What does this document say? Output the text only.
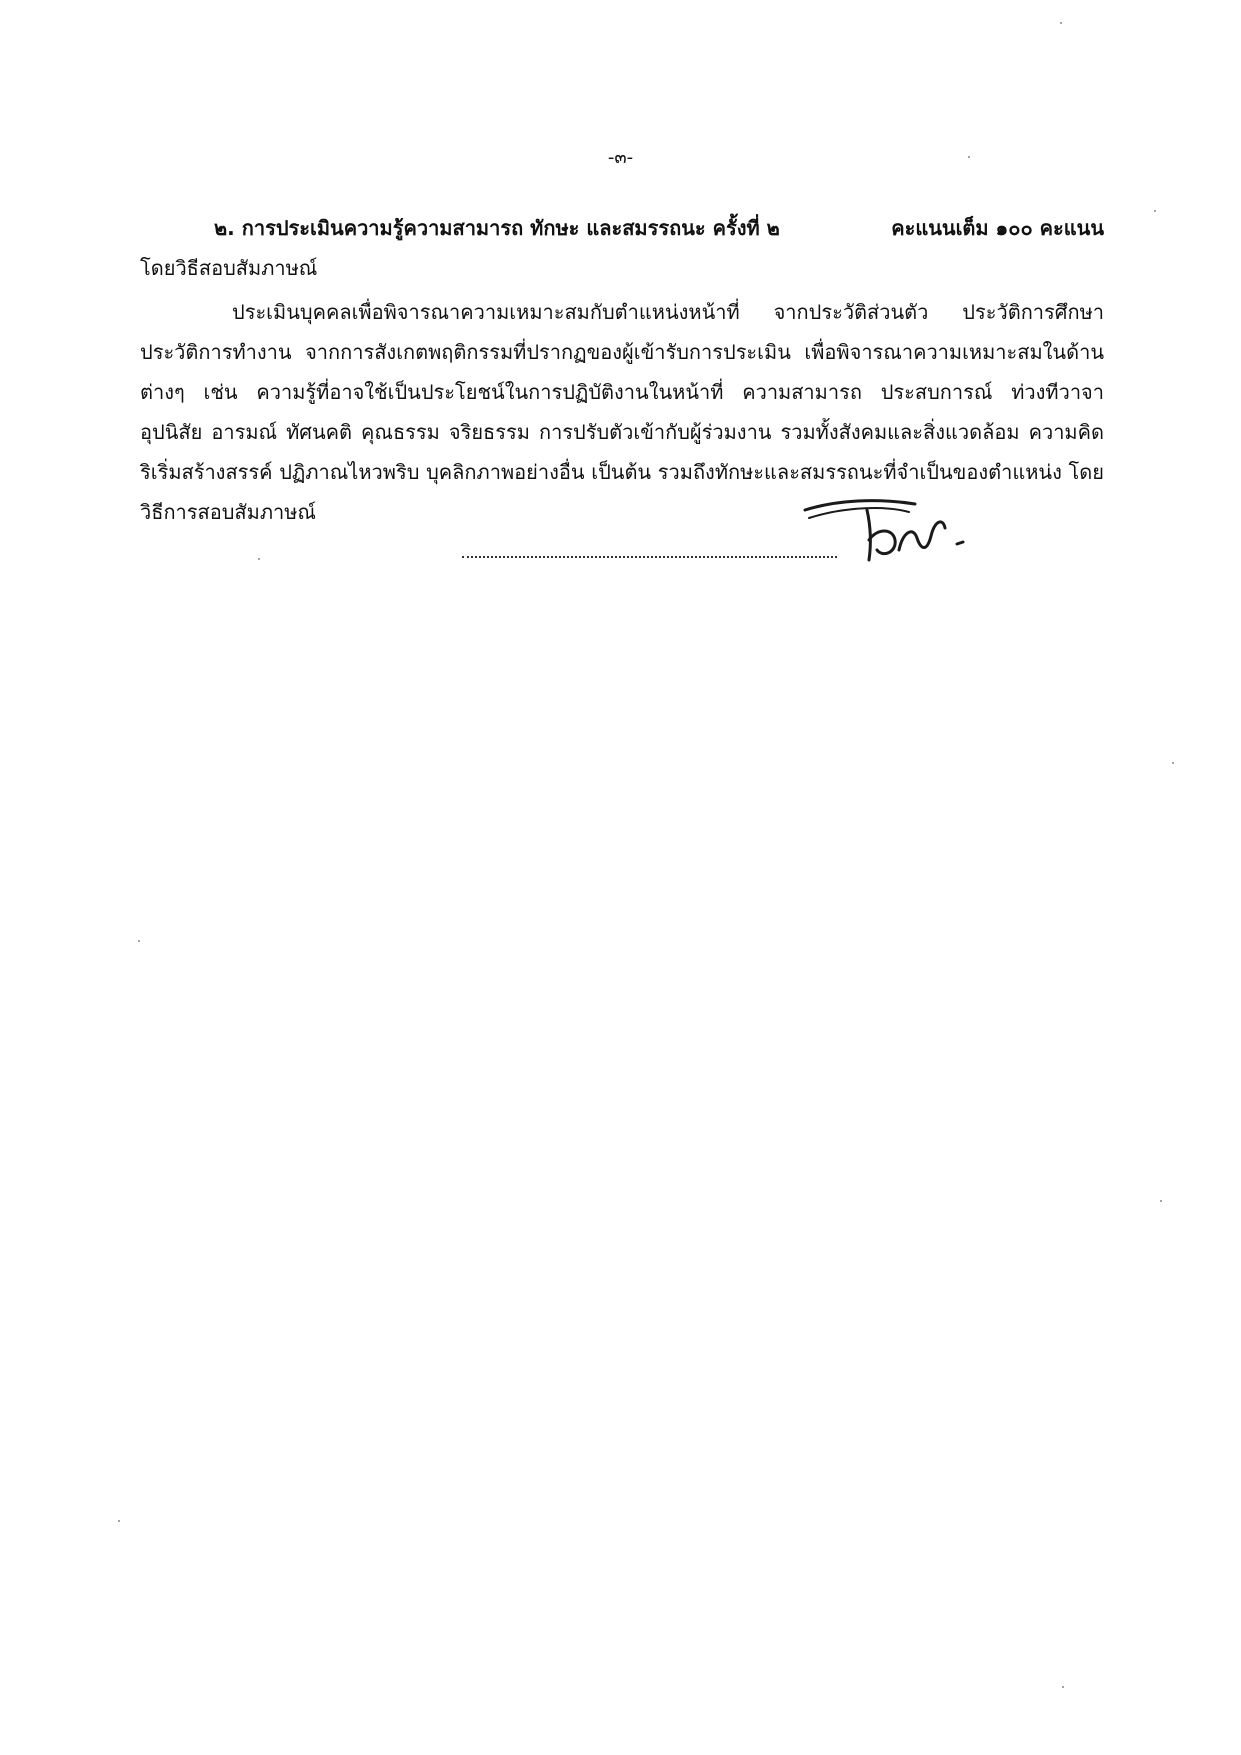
-๓-
๒. การประเมินความรู้ความสามารถ ทักษะ และสมรรถนะ ครั้งที่ ๒	คะแนนเต็ม ๑๐๐ คะแนน
โดยวิธีสอบสัมภาษณ์

ประเมินบุคคลเพื่อพิจารณาความเหมาะสมกับตำแหน่งหน้าที่ จากประวัติส่วนตัว ประวัติการศึกษา ประวัติการทำงาน จากการสังเกตพฤติกรรมที่ปรากฏของผู้เข้ารับการประเมิน เพื่อพิจารณาความเหมาะสมในด้านต่างๆ เช่น ความรู้ที่อาจใช้เป็นประโยชน์ในการปฏิบัติงานในหน้าที่ ความสามารถ ประสบการณ์ ท่วงทีวาจา อุปนิสัย อารมณ์ ทัศนคติ คุณธรรม จริยธรรม การปรับตัวเข้ากับผู้ร่วมงาน รวมทั้งสังคมและสิ่งแวดล้อม ความคิดริเริ่มสร้างสรรค์ ปฏิภาณไหวพริบ บุคลิกภาพอย่างอื่น เป็นต้น รวมถึงทักษะและสมรรถนะที่จำเป็นของตำแหน่ง โดยวิธีการสอบสัมภาษณ์
